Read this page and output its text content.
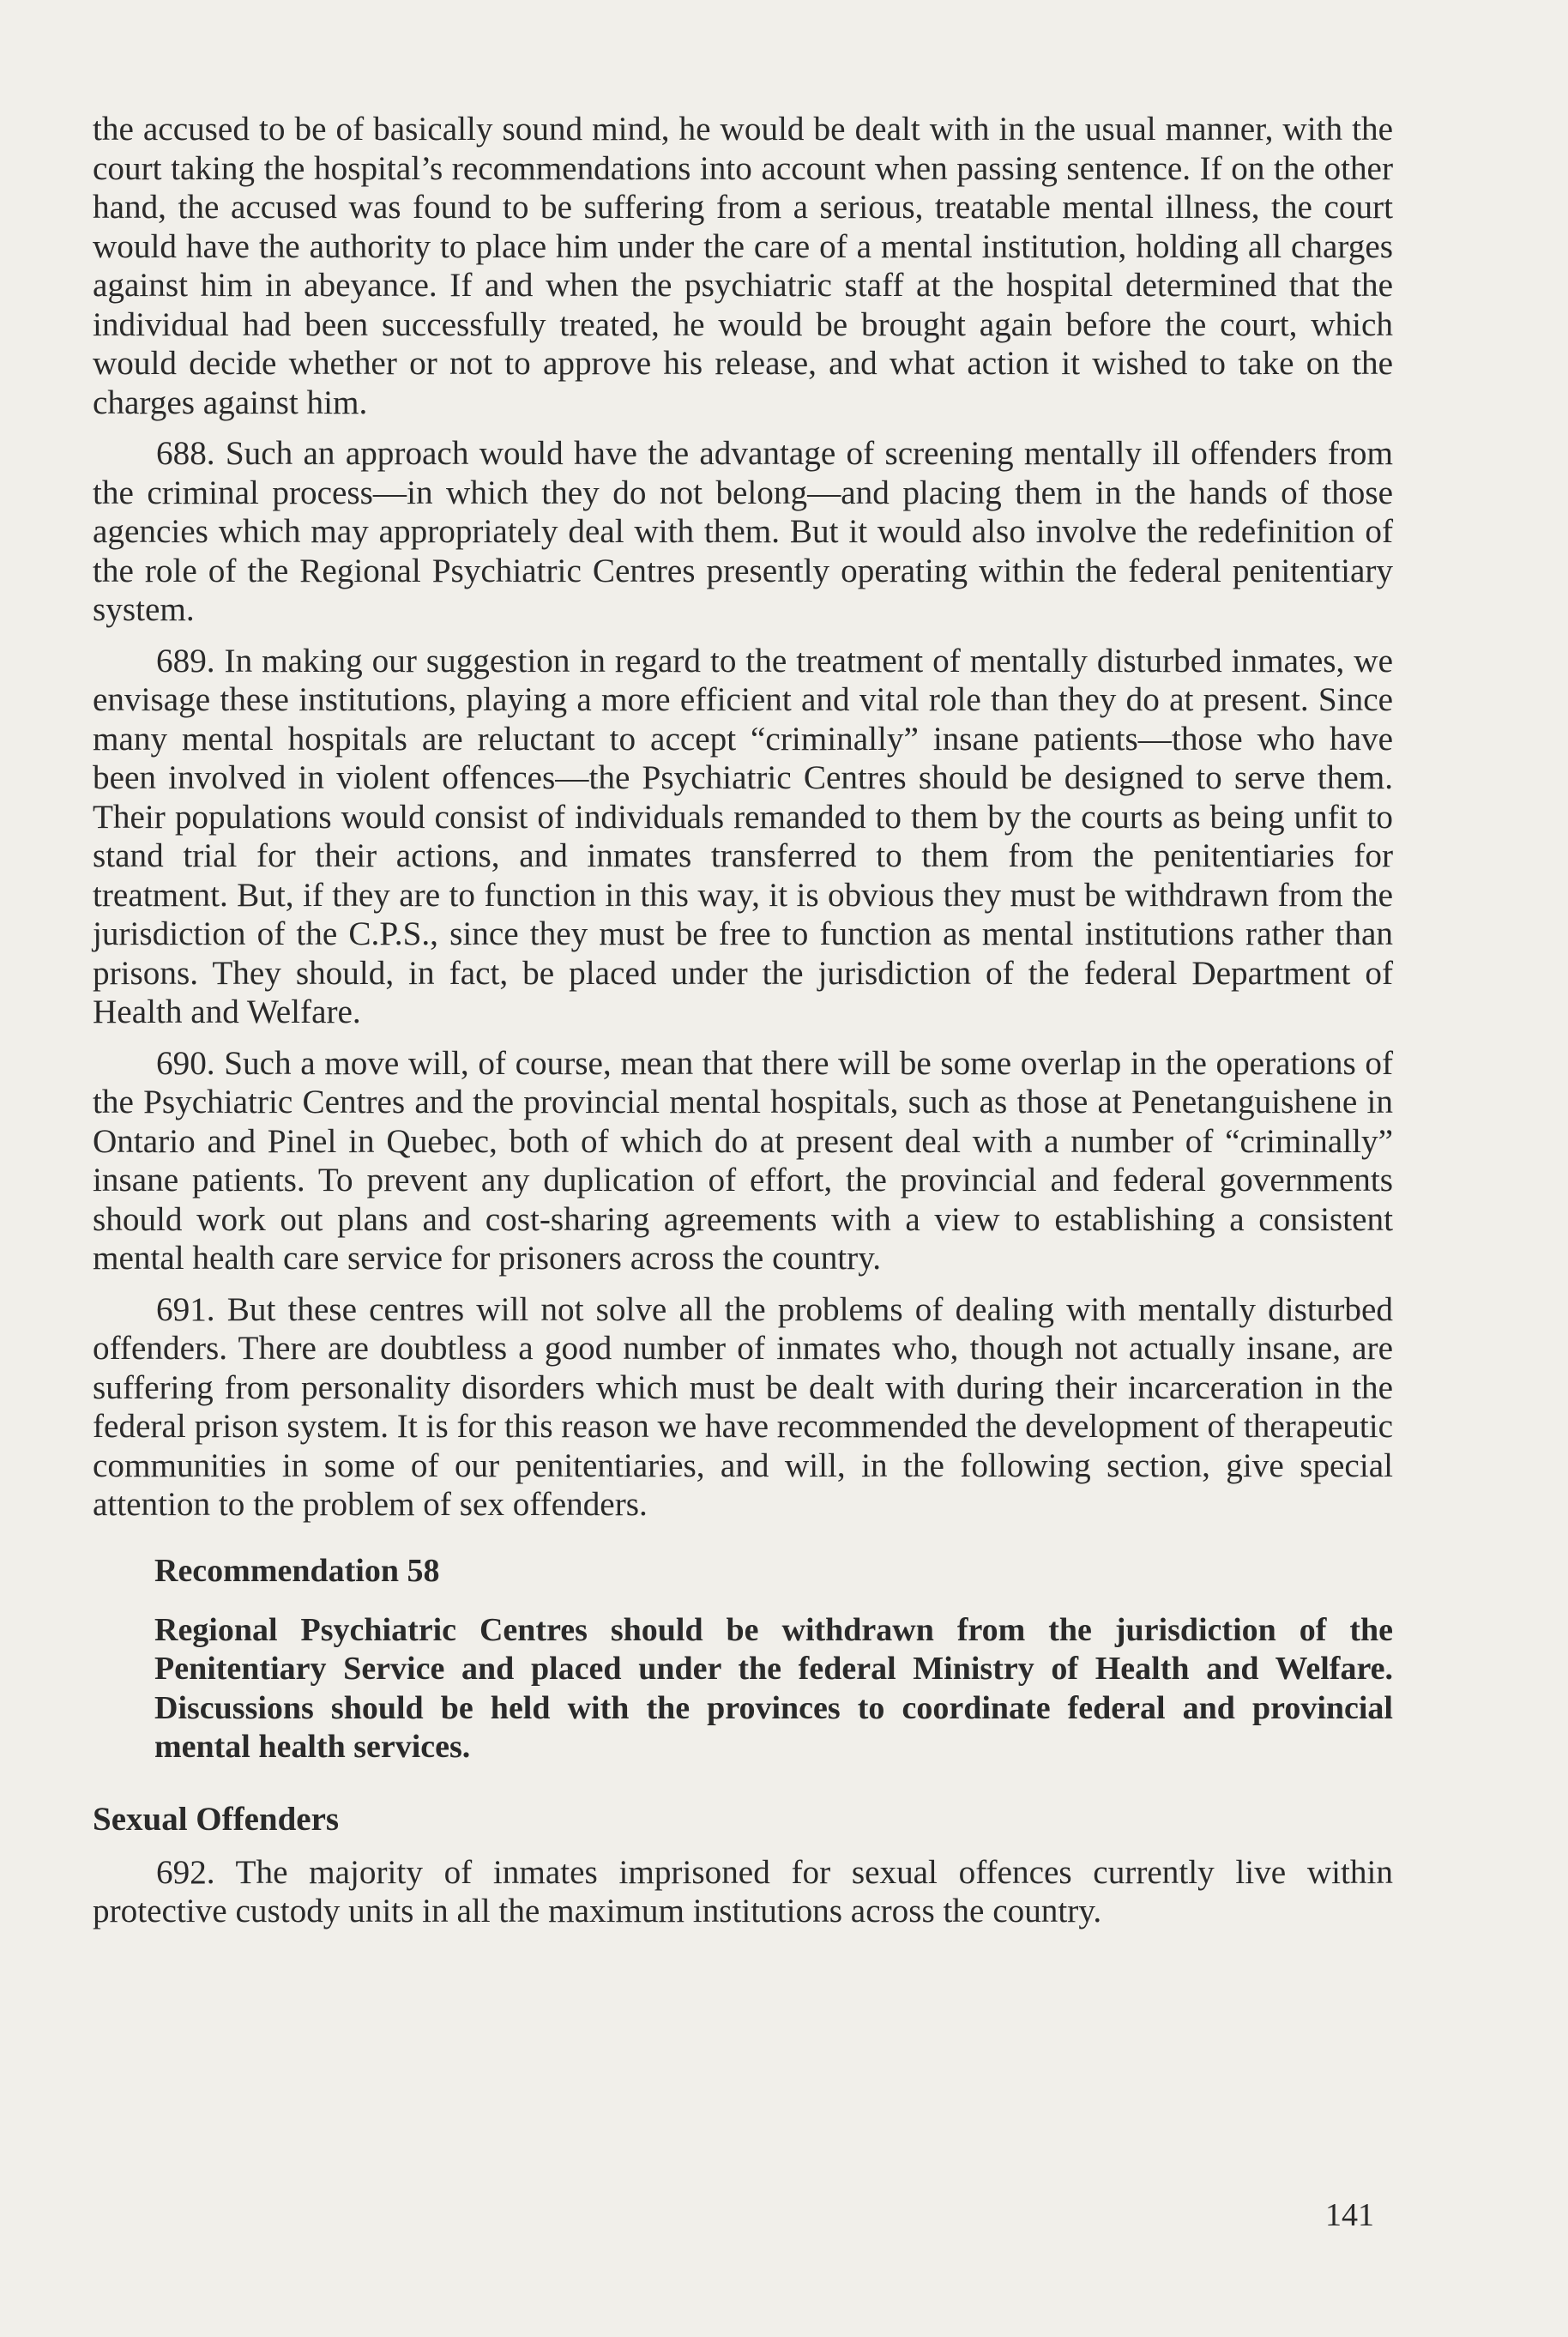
the accused to be of basically sound mind, he would be dealt with in the usual manner, with the court taking the hospital’s recommendations into account when passing sentence. If on the other hand, the accused was found to be suffering from a serious, treatable mental illness, the court would have the authority to place him under the care of a mental institution, holding all charges against him in abeyance. If and when the psychiatric staff at the hospital determined that the individual had been successfully treated, he would be brought again before the court, which would decide whether or not to approve his release, and what action it wished to take on the charges against him.

688. Such an approach would have the advantage of screening mentally ill offenders from the criminal process—in which they do not belong—and placing them in the hands of those agencies which may appropriately deal with them. But it would also involve the redefinition of the role of the Regional Psychiatric Centres presently operating within the federal penitentiary system.

689. In making our suggestion in regard to the treatment of mentally disturbed inmates, we envisage these institutions, playing a more efficient and vital role than they do at present. Since many mental hospitals are reluctant to accept “criminally” insane patients—those who have been involved in violent offences—the Psychiatric Centres should be designed to serve them. Their populations would consist of individuals remanded to them by the courts as being unfit to stand trial for their actions, and inmates transferred to them from the penitentiaries for treatment. But, if they are to function in this way, it is obvious they must be withdrawn from the jurisdiction of the C.P.S., since they must be free to function as mental institutions rather than prisons. They should, in fact, be placed under the jurisdiction of the federal Department of Health and Welfare.

690. Such a move will, of course, mean that there will be some overlap in the operations of the Psychiatric Centres and the provincial mental hospitals, such as those at Penetanguishene in Ontario and Pinel in Quebec, both of which do at present deal with a number of “criminally” insane patients. To prevent any duplication of effort, the provincial and federal governments should work out plans and cost-sharing agreements with a view to establishing a consistent mental health care service for prisoners across the country.

691. But these centres will not solve all the problems of dealing with mentally disturbed offenders. There are doubtless a good number of inmates who, though not actually insane, are suffering from personality disorders which must be dealt with during their incarceration in the federal prison system. It is for this reason we have recommended the development of therapeutic communities in some of our penitentiaries, and will, in the following section, give special attention to the problem of sex offenders.

Recommendation 58

Regional Psychiatric Centres should be withdrawn from the jurisdiction of the Penitentiary Service and placed under the federal Ministry of Health and Welfare. Discussions should be held with the provinces to coordinate federal and provincial mental health services.

Sexual Offenders

692. The majority of inmates imprisoned for sexual offences currently live within protective custody units in all the maximum institutions across the country.

141
